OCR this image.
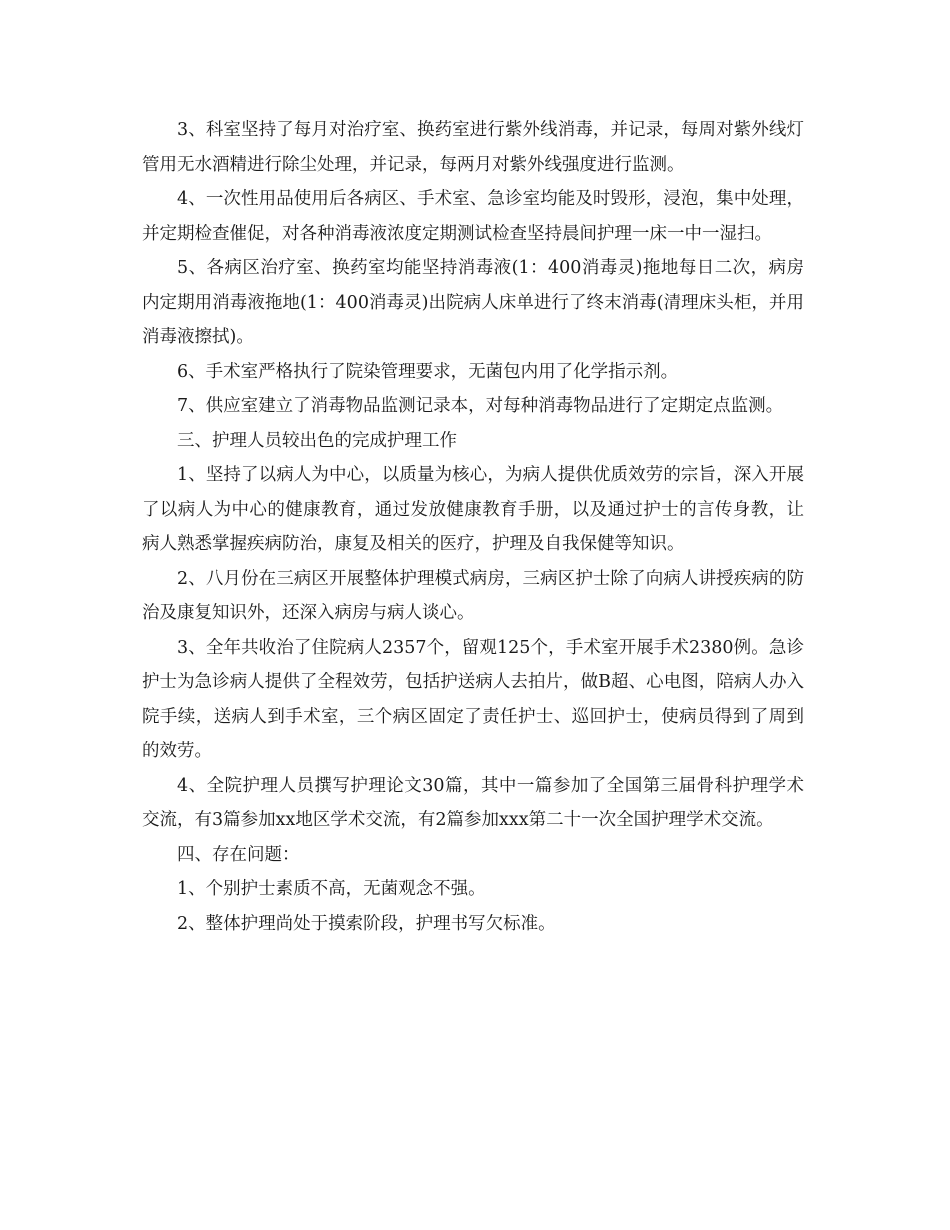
3、科室坚持了每月对治疗室、换药室进行紫外线消毒，并记录，每周对紫外线灯管用无水酒精进行除尘处理，并记录，每两月对紫外线强度进行监测。

4、一次性用品使用后各病区、手术室、急诊室均能及时毁形，浸泡，集中处理，并定期检查催促，对各种消毒液浓度定期测试检查坚持晨间护理一床一中一湿扫。

5、各病区治疗室、换药室均能坚持消毒液(1：400消毒灵)拖地每日二次，病房内定期用消毒液拖地(1：400消毒灵)出院病人床单进行了终末消毒(清理床头柜，并用消毒液擦拭)。

6、手术室严格执行了院染管理要求，无菌包内用了化学指示剂。

7、供应室建立了消毒物品监测记录本，对每种消毒物品进行了定期定点监测。

三、护理人员较出色的完成护理工作

1、坚持了以病人为中心，以质量为核心，为病人提供优质效劳的宗旨，深入开展了以病人为中心的健康教育，通过发放健康教育手册，以及通过护士的言传身教，让病人熟悉掌握疾病防治，康复及相关的医疗，护理及自我保健等知识。

2、八月份在三病区开展整体护理模式病房，三病区护士除了向病人讲授疾病的防治及康复知识外，还深入病房与病人谈心。

3、全年共收治了住院病人2357个，留观125个，手术室开展手术2380例。急诊护士为急诊病人提供了全程效劳，包括护送病人去拍片，做B超、心电图，陪病人办入院手续，送病人到手术室，三个病区固定了责任护士、巡回护士，使病员得到了周到的效劳。

4、全院护理人员撰写护理论文30篇，其中一篇参加了全国第三届骨科护理学术交流，有3篇参加xx地区学术交流，有2篇参加xxx第二十一次全国护理学术交流。

四、存在问题：

1、个别护士素质不高，无菌观念不强。

2、整体护理尚处于摸索阶段，护理书写欠标准。
